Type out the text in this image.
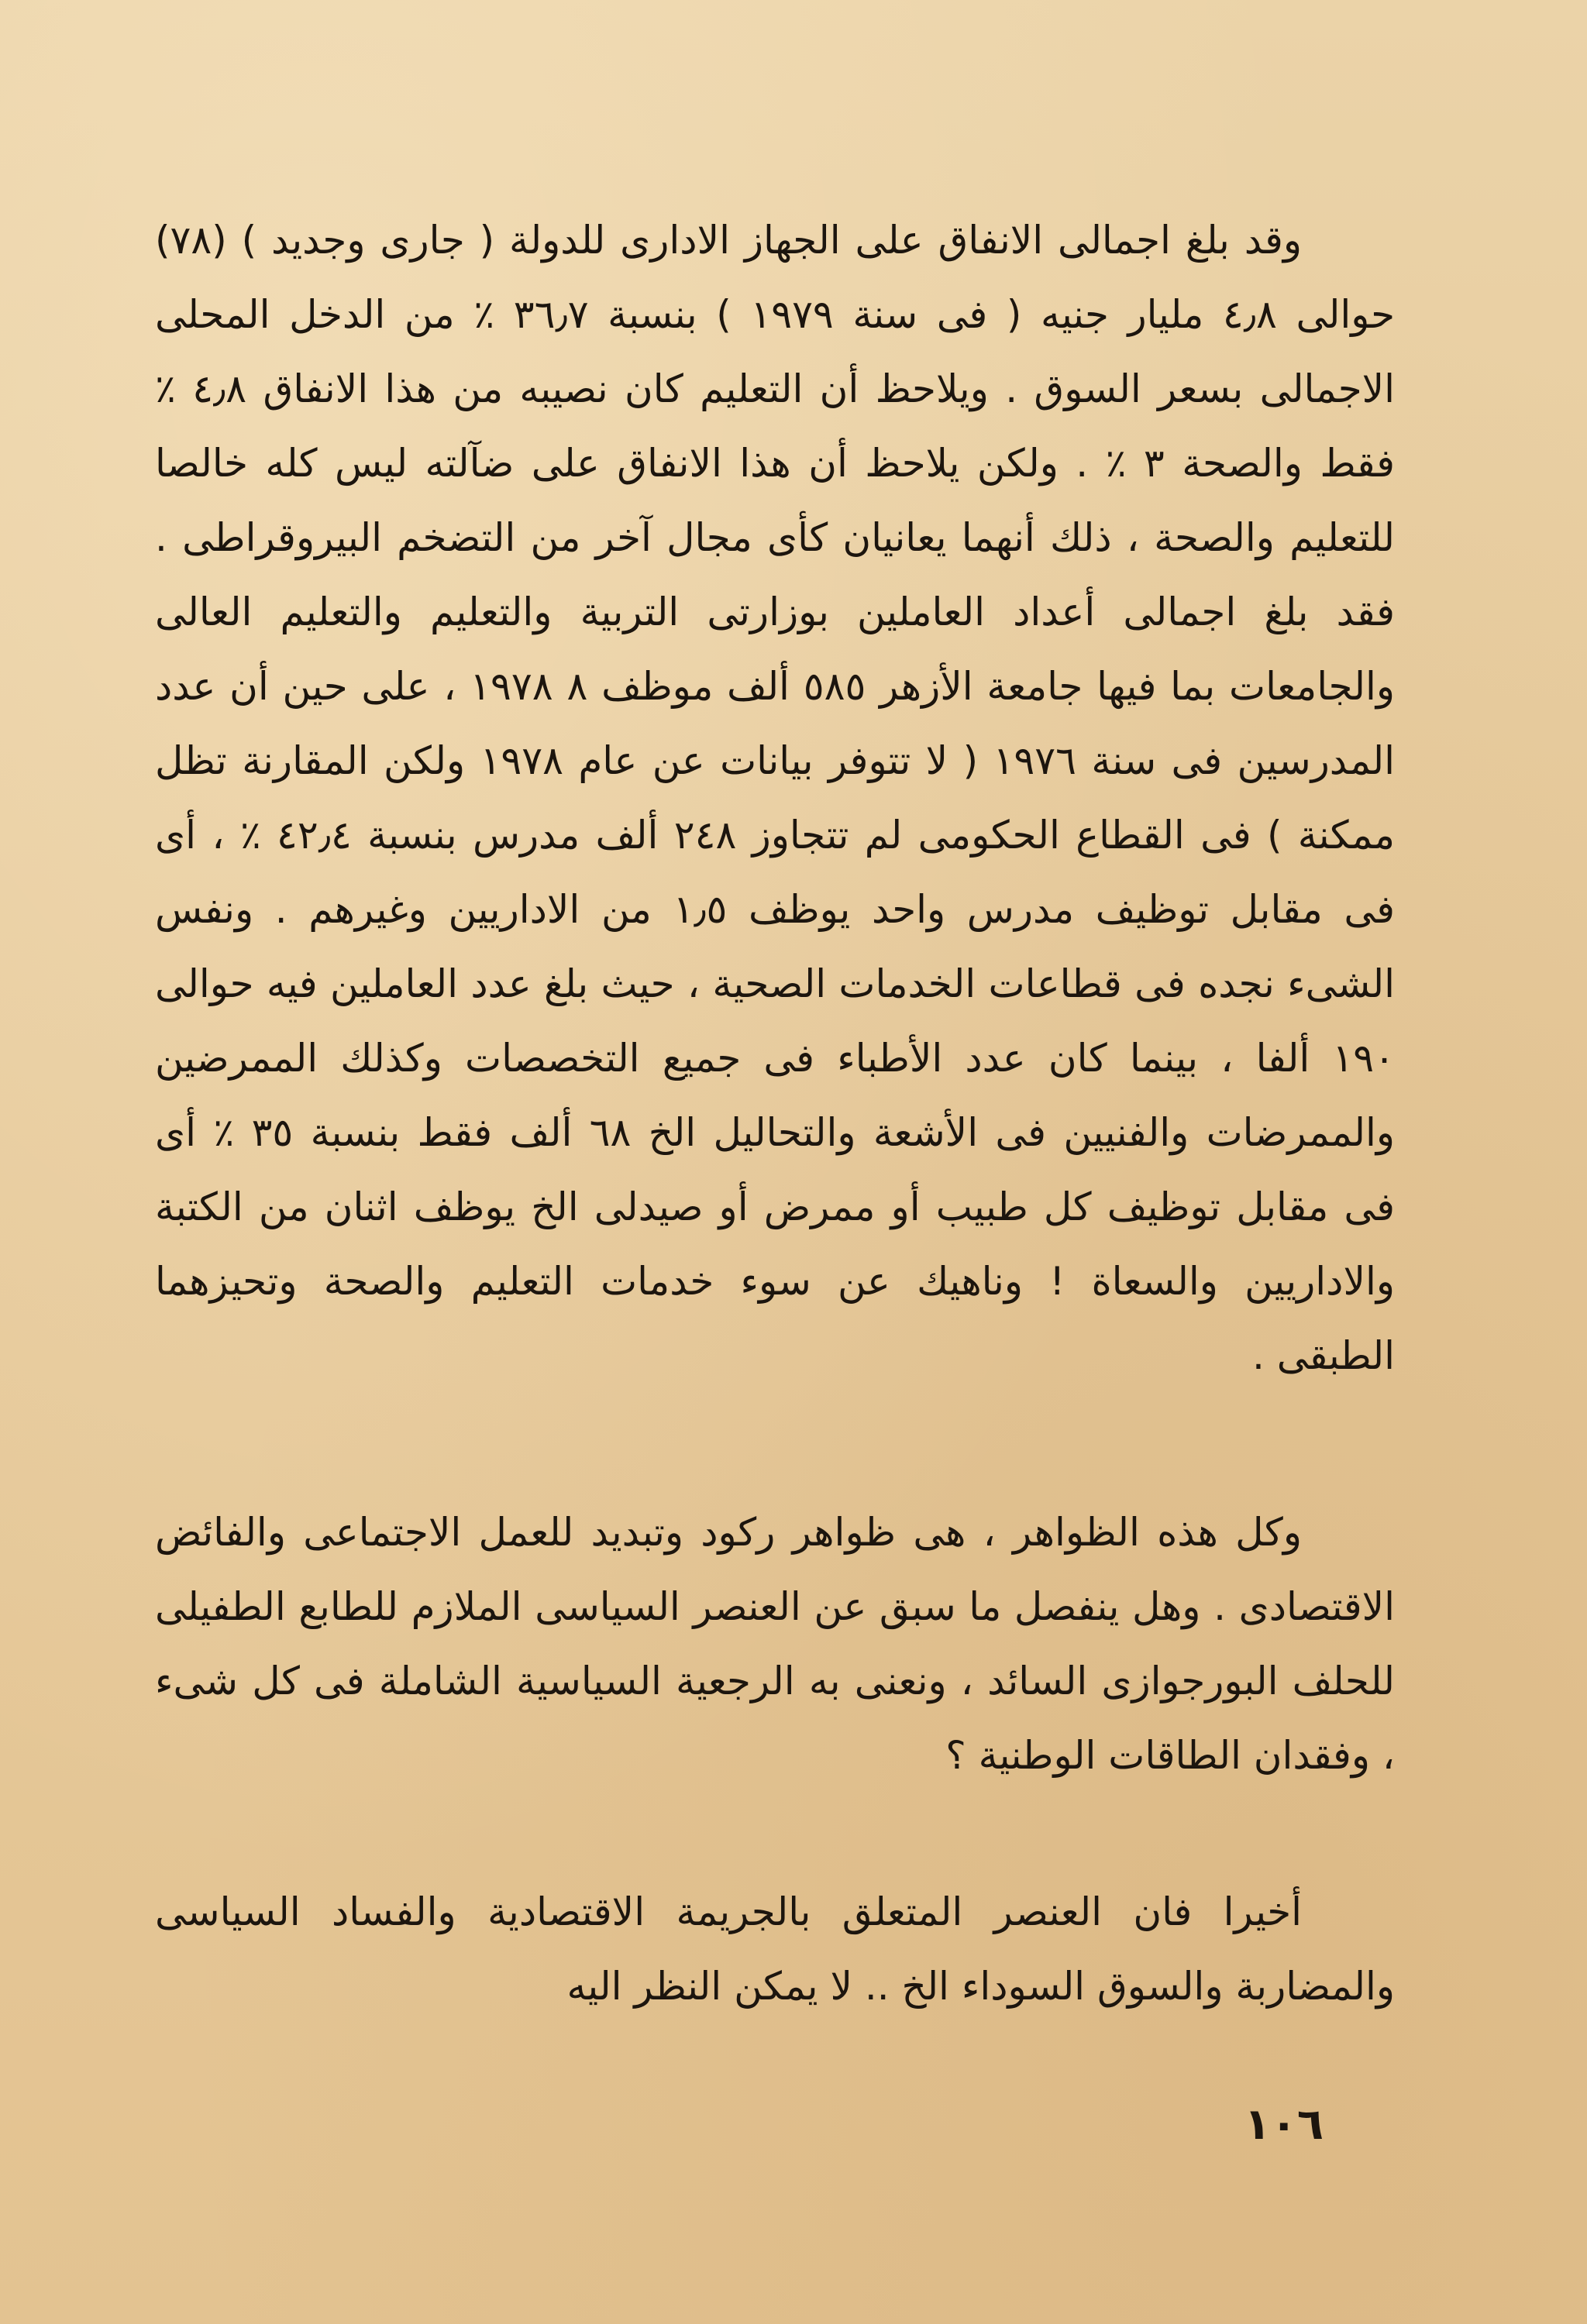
وقد بلغ اجمالى الانفاق على الجهاز الادارى للدولة ( جارى وجديد ) (٧٨) حوالى ٤٫٨ مليار جنيه ( فى سنة ١٩٧٩ ) بنسبة ٣٦٫٧ ٪ من الدخل المحلى الاجمالى بسعر السوق . ويلاحظ أن التعليم كان نصيبه من هذا الانفاق ٤٫٨ ٪ فقط والصحة ٣ ٪ . ولكن يلاحظ أن هذا الانفاق على ضآلته ليس كله خالصا للتعليم والصحة ، ذلك أنهما يعانيان كأى مجال آخر من التضخم البيروقراطى . فقد بلغ اجمالى أعداد العاملين بوزارتى التربية والتعليم والتعليم العالى والجامعات بما فيها جامعة الأزهر ٥٨٥ ألف موظف ٨ ١٩٧٨ ، على حين أن عدد المدرسين فى سنة ١٩٧٦ ( لا تتوفر بيانات عن عام ١٩٧٨ ولكن المقارنة تظل ممكنة ) فى القطاع الحكومى لم تتجاوز ٢٤٨ ألف مدرس بنسبة ٤٢٫٤ ٪ ، أى فى مقابل توظيف مدرس واحد يوظف ١٫٥ من الاداريين وغيرهم . ونفس الشىء نجده فى قطاعات الخدمات الصحية ، حيث بلغ عدد العاملين فيه حوالى ١٩٠ ألفا ، بينما كان عدد الأطباء فى جميع التخصصات وكذلك الممرضين والممرضات والفنيين فى الأشعة والتحاليل الخ ٦٨ ألف فقط بنسبة ٣٥ ٪ أى فى مقابل توظيف كل طبيب أو ممرض أو صيدلى الخ يوظف اثنان من الكتبة والاداريين والسعاة ! وناهيك عن سوء خدمات التعليم والصحة وتحيزهما الطبقى .

وكل هذه الظواهر ، هى ظواهر ركود وتبديد للعمل الاجتماعى والفائض الاقتصادى . وهل ينفصل ما سبق عن العنصر السياسى الملازم للطابع الطفيلى للحلف البورجوازى السائد ، ونعنى به الرجعية السياسية الشاملة فى كل شىء ، وفقدان الطاقات الوطنية ؟

أخيرا فان العنصر المتعلق بالجريمة الاقتصادية والفساد السياسى والمضاربة والسوق السوداء الخ .. لا يمكن النظر اليه

١٠٦
